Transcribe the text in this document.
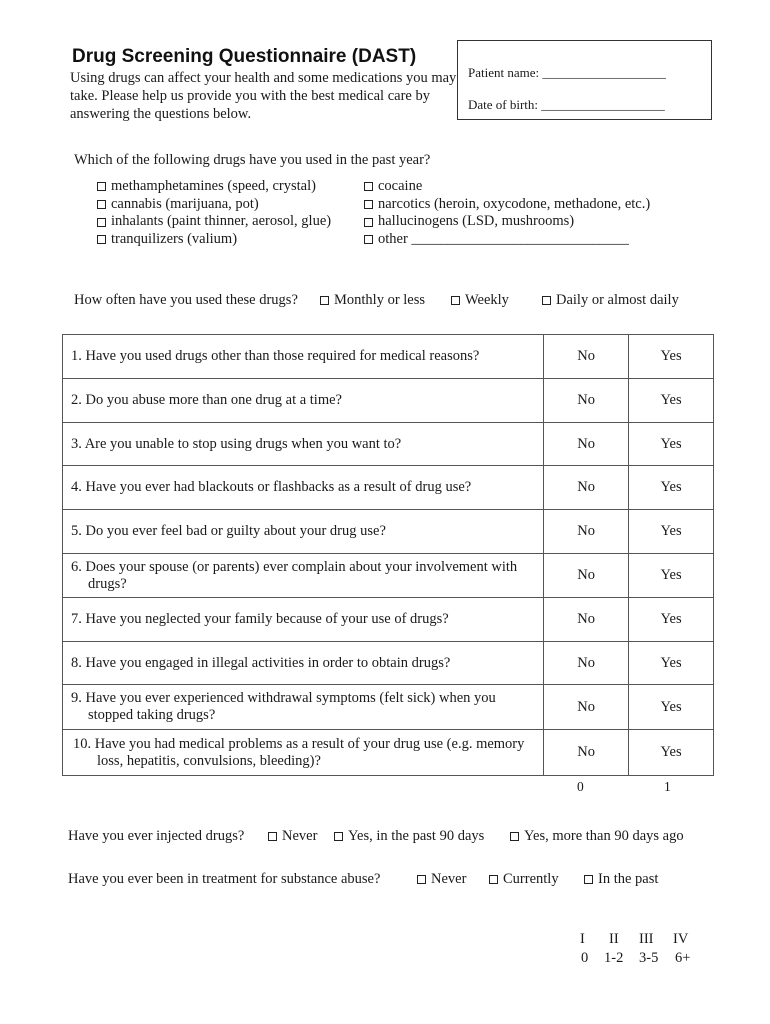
Drug Screening Questionnaire (DAST)
Using drugs can affect your health and some medications you may take. Please help us provide you with the best medical care by answering the questions below.
Patient name: ___________________
Date of birth: ___________________
Which of the following drugs have you used in the past year?
methamphetamines (speed, crystal)
cannabis (marijuana, pot)
inhalants (paint thinner, aerosol, glue)
tranquilizers (valium)
cocaine
narcotics (heroin, oxycodone, methadone, etc.)
hallucinogens (LSD, mushrooms)
other ______________________________
How often have you used these drugs? Monthly or less	Weekly	Daily or almost daily
1. Have you used drugs other than those required for medical reasons?	No	Yes
2. Do you abuse more than one drug at a time?	No	Yes
3. Are you unable to stop using drugs when you want to?	No	Yes
4. Have you ever had blackouts or flashbacks as a result of drug use?	No	Yes
5. Do you ever feel bad or guilty about your drug use?	No	Yes

6. Does your spouse (or parents) ever complain about your involvement with drugs?	No	Yes
7. Have you neglected your family because of your use of drugs?	No	Yes
8. Have you engaged in illegal activities in order to obtain drugs?	No	Yes

9. Have you ever experienced withdrawal symptoms (felt sick) when you stopped taking drugs?	No	Yes

10. Have you had medical problems as a result of your drug use (e.g. memory loss, hepatitis, convulsions, bleeding)?	No	Yes
0	1
Have you ever injected drugs?	Never Yes, in the past 90 days	Yes, more than 90 days ago
Have you ever been in treatment for substance abuse?	Never	Currently	In the past
I II III IV
0 1-2 3-5 6+
